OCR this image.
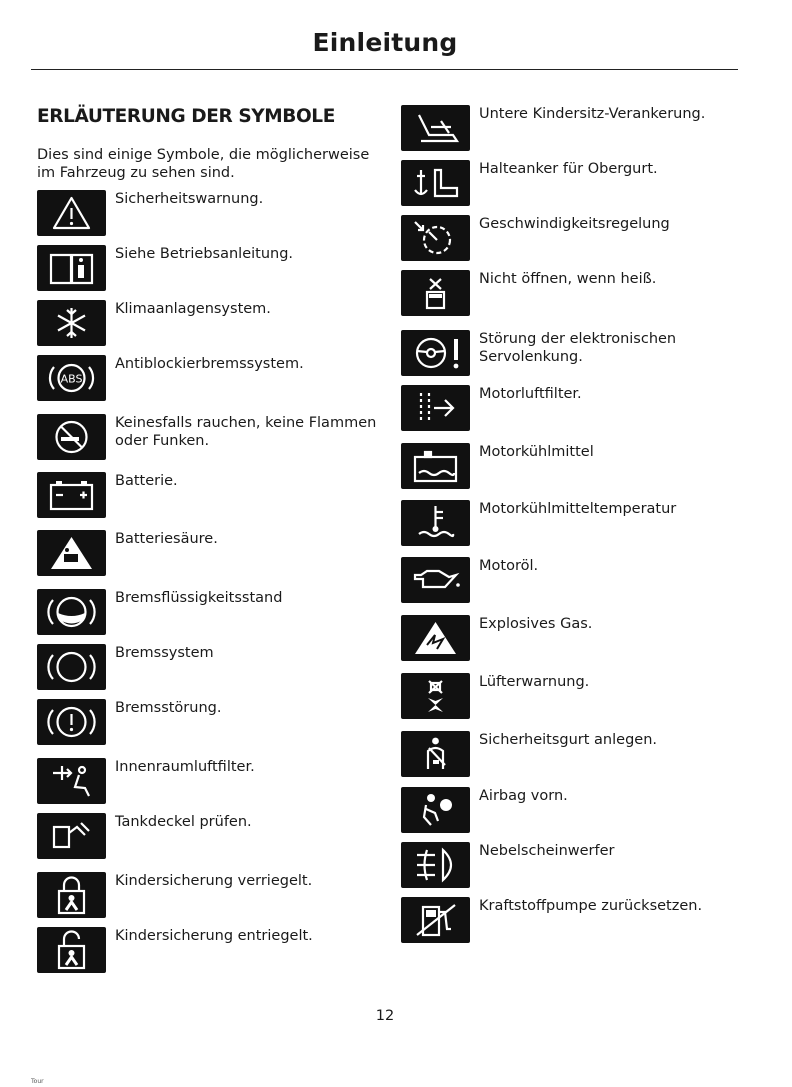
Einleitung
ERLÄUTERUNG DER SYMBOLE
Dies sind einige Symbole, die möglicherweise im Fahrzeug zu sehen sind.
Sicherheitswarnung.
Siehe Betriebsanleitung.
Klimaanlagensystem.
ABS
Antiblockierbremssystem.
Keinesfalls rauchen, keine Flammen oder Funken.
Batterie.
Batteriesäure.
Bremsflüssigkeitsstand
Bremssystem
Bremsstörung.
Innenraumluftfilter.
Tankdeckel prüfen.
Kindersicherung verriegelt.
Kindersicherung entriegelt.
Untere Kindersitz-Verankerung.
Halteanker für Obergurt.
Geschwindigkeitsregelung
Nicht öffnen, wenn heiß.
Störung der elektronischen Servolenkung.
Motorluftfilter.
Motorkühlmittel
Motorkühlmitteltemperatur
Motoröl.
Explosives Gas.
Lüfterwarnung.
Sicherheitsgurt anlegen.
Airbag vorn.
Nebelscheinwerfer
Kraftstoffpumpe zurücksetzen.
12
Tour
